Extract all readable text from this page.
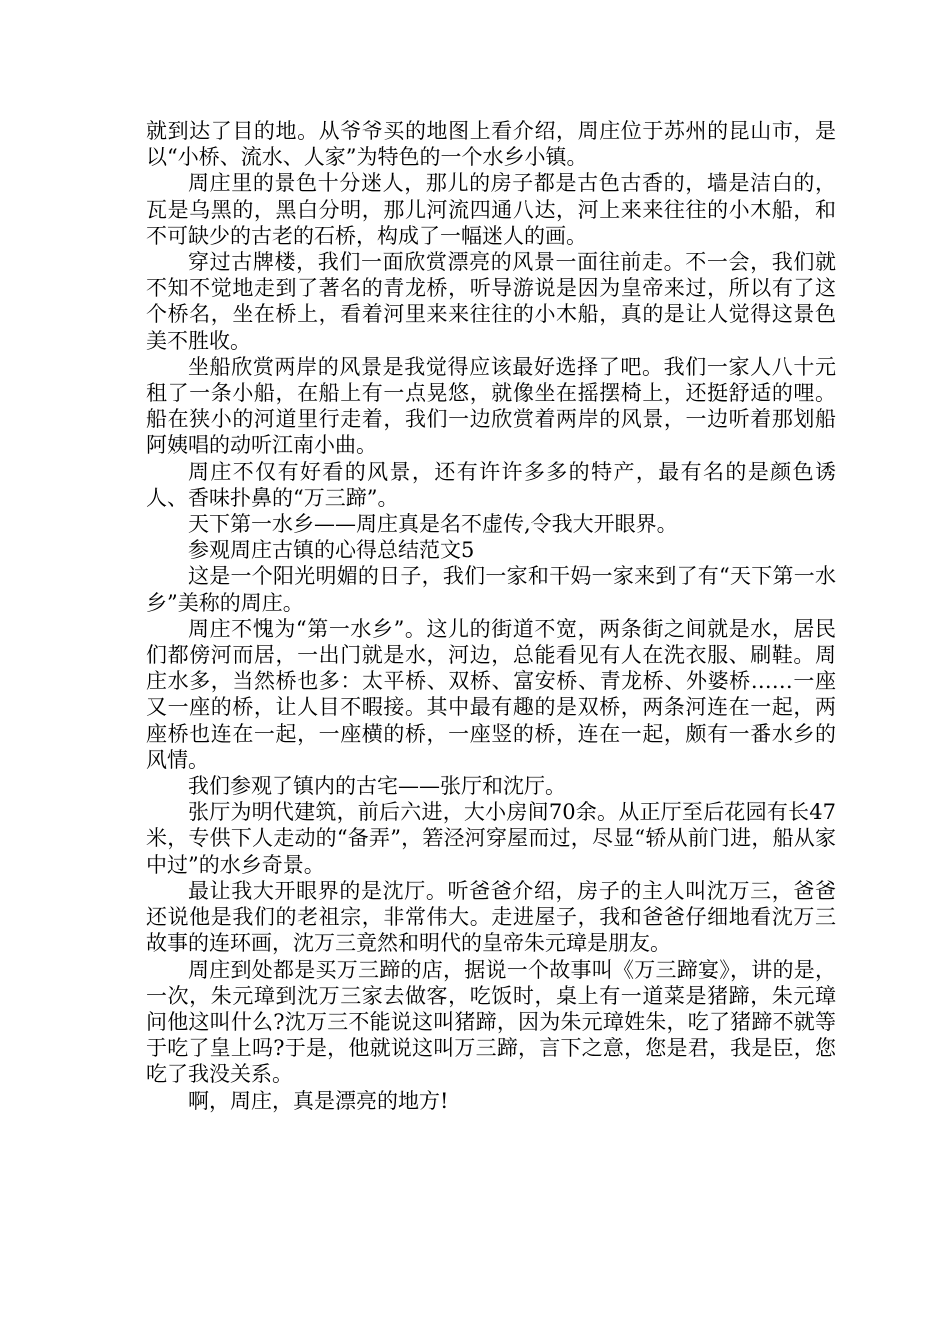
就到达了目的地。从爷爷买的地图上看介绍，周庄位于苏州的昆山市，是以“小桥、流水、人家”为特色的一个水乡小镇。

周庄里的景色十分迷人，那儿的房子都是古色古香的，墙是洁白的，瓦是乌黑的，黑白分明，那儿河流四通八达，河上来来往往的小木船，和不可缺少的古老的石桥，构成了一幅迷人的画。

穿过古牌楼，我们一面欣赏漂亮的风景一面往前走。不一会，我们就不知不觉地走到了著名的青龙桥，听导游说是因为皇帝来过，所以有了这个桥名，坐在桥上，看着河里来来往往的小木船，真的是让人觉得这景色美不胜收。

坐船欣赏两岸的风景是我觉得应该最好选择了吧。我们一家人八十元租了一条小船，在船上有一点晃悠，就像坐在摇摆椅上，还挺舒适的哩。船在狭小的河道里行走着，我们一边欣赏着两岸的风景，一边听着那划船阿姨唱的动听江南小曲。

周庄不仅有好看的风景，还有许许多多的特产，最有名的是颜色诱人、香味扑鼻的“万三蹄”。

天下第一水乡——周庄真是名不虚传,令我大开眼界。

参观周庄古镇的心得总结范文5

这是一个阳光明媚的日子，我们一家和干妈一家来到了有“天下第一水乡”美称的周庄。

周庄不愧为“第一水乡”。这儿的街道不宽，两条街之间就是水，居民们都傍河而居，一出门就是水，河边，总能看见有人在洗衣服、刷鞋。周庄水多，当然桥也多：太平桥、双桥、富安桥、青龙桥、外婆桥……一座又一座的桥，让人目不暇接。其中最有趣的是双桥，两条河连在一起，两座桥也连在一起，一座横的桥，一座竖的桥，连在一起，颇有一番水乡的风情。

我们参观了镇内的古宅——张厅和沈厅。

张厅为明代建筑，前后六进，大小房间70余。从正厅至后花园有长47米，专供下人走动的“备弄”，箬泾河穿屋而过，尽显“轿从前门进，船从家中过”的水乡奇景。

最让我大开眼界的是沈厅。听爸爸介绍，房子的主人叫沈万三，爸爸还说他是我们的老祖宗，非常伟大。走进屋子，我和爸爸仔细地看沈万三故事的连环画，沈万三竟然和明代的皇帝朱元璋是朋友。

周庄到处都是买万三蹄的店，据说一个故事叫《万三蹄宴》，讲的是，一次，朱元璋到沈万三家去做客，吃饭时，桌上有一道菜是猪蹄，朱元璋问他这叫什么?沈万三不能说这叫猪蹄，因为朱元璋姓朱，吃了猪蹄不就等于吃了皇上吗?于是，他就说这叫万三蹄，言下之意，您是君，我是臣，您吃了我没关系。

啊，周庄，真是漂亮的地方!
